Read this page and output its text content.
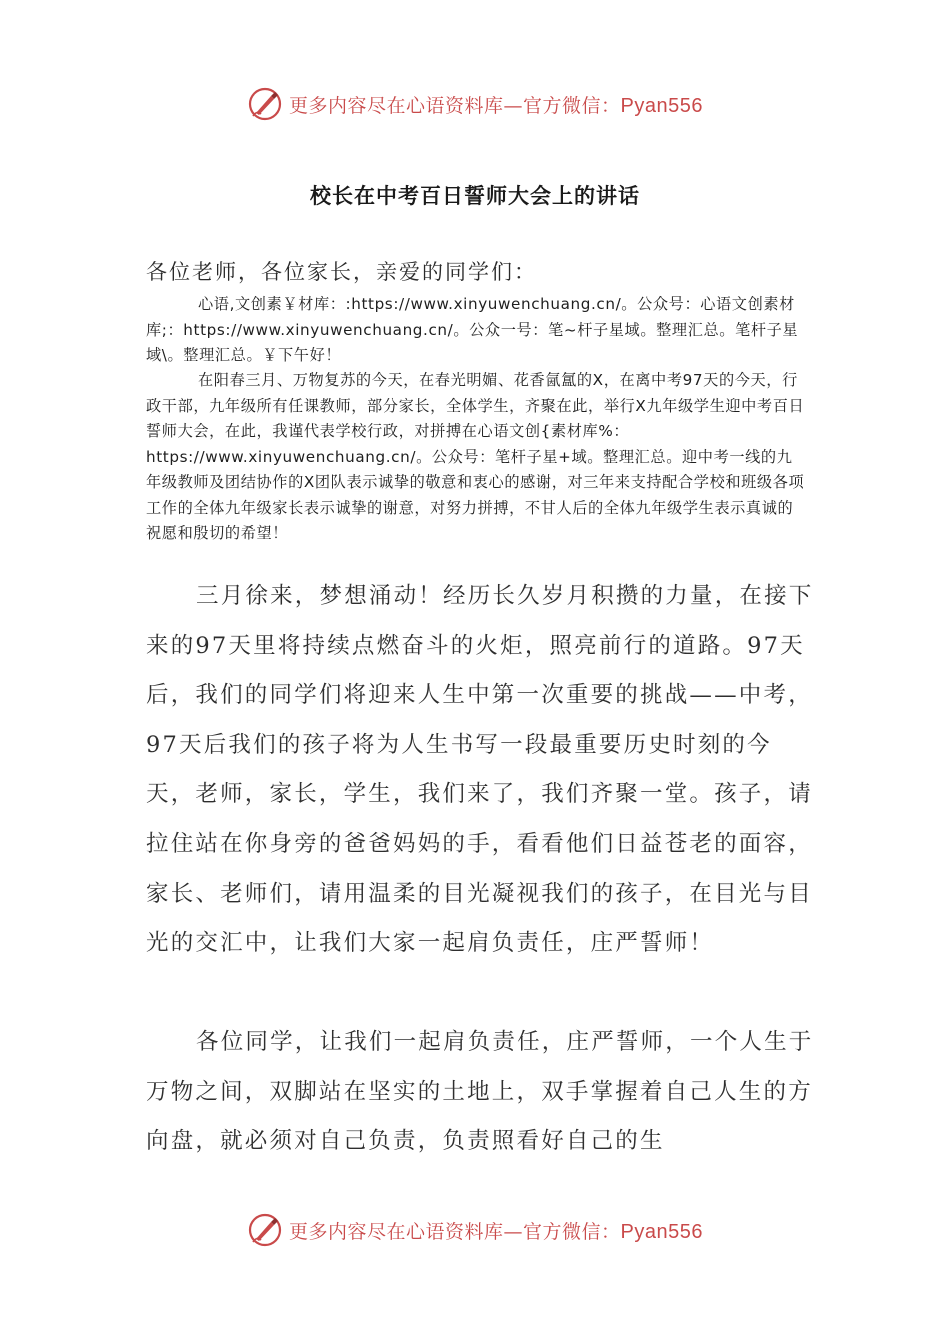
更多内容尽在心语资料库—官方微信：Pyan556
校长在中考百日誓师大会上的讲话
各位老师，各位家长，亲爱的同学们：
心语,文创素￥材库：:https://www.xinyuwenchuang.cn/。公众号：心语文创素材库;：https://www.xinyuwenchuang.cn/。公众一号：笔~杆子星域。整理汇总。笔杆子星域\。整理汇总。￥下午好！
在阳春三月、万物复苏的今天，在春光明媚、花香氤氲的X，在离中考97天的今天，行政干部，九年级所有任课教师，部分家长，全体学生，齐聚在此，举行X九年级学生迎中考百日誓师大会，在此，我谨代表学校行政，对拼搏在心语文创{素材库%：https://www.xinyuwenchuang.cn/。公众号：笔杆子星+域。整理汇总。迎中考一线的九年级教师及团结协作的X团队表示诚挚的敬意和衷心的感谢，对三年来支持配合学校和班级各项工作的全体九年级家长表示诚挚的谢意，对努力拼搏，不甘人后的全体九年级学生表示真诚的祝愿和殷切的希望！
三月徐来，梦想涌动！经历长久岁月积攒的力量，在接下来的97天里将持续点燃奋斗的火炬，照亮前行的道路。97天后，我们的同学们将迎来人生中第一次重要的挑战——中考，97天后我们的孩子将为人生书写一段最重要历史时刻的今天，老师，家长，学生，我们来了，我们齐聚一堂。孩子，请拉住站在你身旁的爸爸妈妈的手，看看他们日益苍老的面容，家长、老师们，请用温柔的目光凝视我们的孩子，在目光与目光的交汇中，让我们大家一起肩负责任，庄严誓师！
各位同学，让我们一起肩负责任，庄严誓师，一个人生于万物之间，双脚站在坚实的土地上，双手掌握着自己人生的方向盘，就必须对自己负责，负责照看好自己的生
更多内容尽在心语资料库—官方微信：Pyan556
